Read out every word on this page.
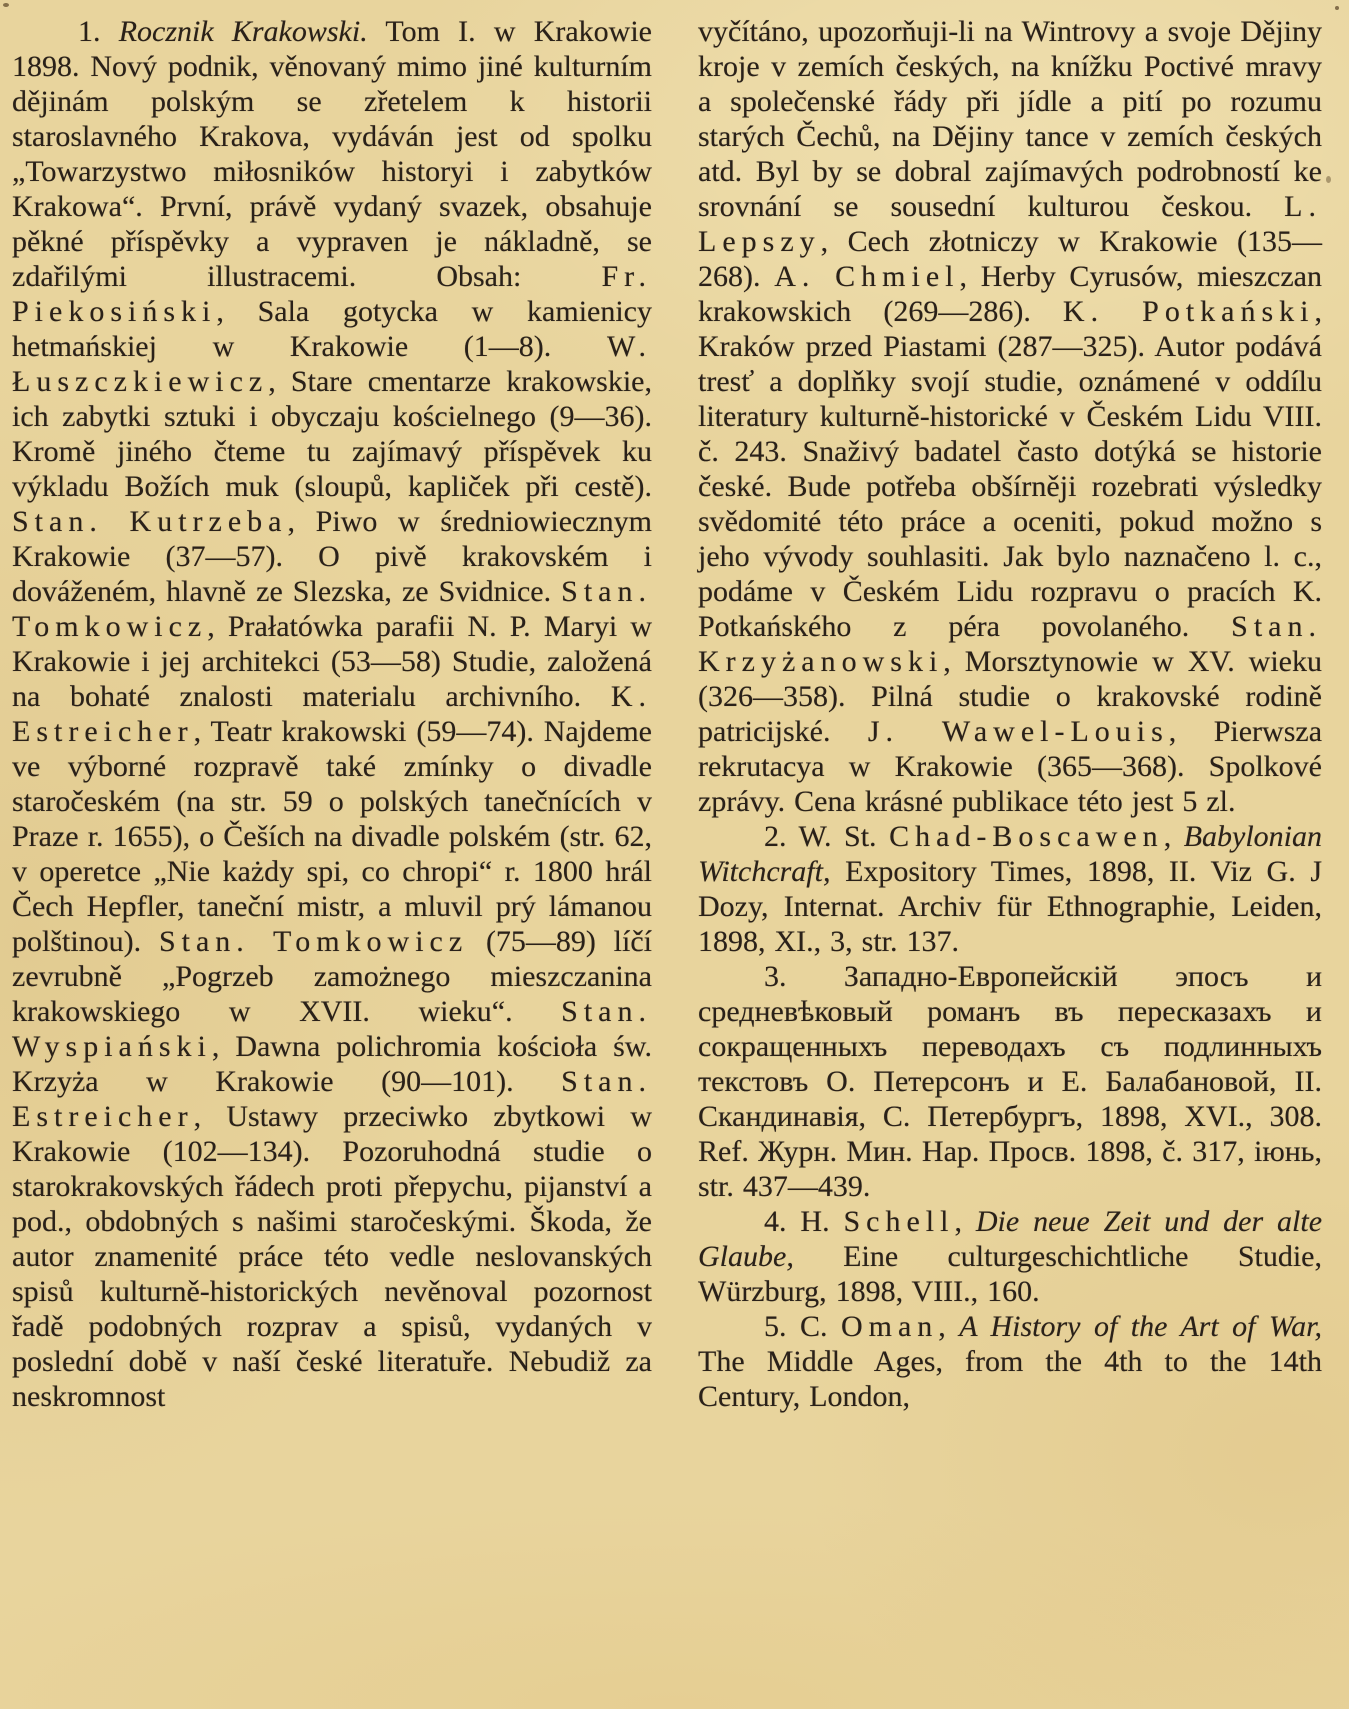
1. Rocznik Krakowski. Tom I. w Krakowie 1898. Nový podnik, věnovaný mimo jiné kulturním dějinám polským se zřetelem k historii staroslavného Krakova, vydáván jest od spolku „Towarzystwo miłosników historyi i zabytków Krakowa“. První, právě vydaný svazek, obsahuje pěkné příspěvky a vypraven je nákladně, se zdařilými illustracemi. Obsah: Fr. Piekosiński, Sala gotycka w kamienicy hetmańskiej w Krakowie (1—8). W. Łuszczkiewicz, Stare cmentarze krakowskie, ich zabytki sztuki i obyczaju kościelnego (9—36). Kromě jiného čteme tu zajímavý příspěvek ku výkladu Božích muk (sloupů, kapliček při cestě). Stan. Kutrzeba, Piwo w średniowiecznym Krakowie (37—57). O pivě krakovském i dováženém, hlavně ze Slezska, ze Svidnice. Stan. Tomkowicz, Prałatówka parafii N. P. Maryi w Krakowie i jej architekci (53—58) Studie, založená na bohaté znalosti materialu archivního. K. Estreicher, Teatr krakowski (59—74). Najdeme ve výborné rozpravě také zmínky o divadle staročeském (na str. 59 o polských tanečnících v Praze r. 1655), o Češích na divadle polském (str. 62, v operetce „Nie każdy spi, co chropi“ r. 1800 hrál Čech Hepfler, taneční mistr, a mluvil prý lámanou polštinou). Stan. Tomkowicz (75—89) líčí zevrubně „Pogrzeb zamożnego mieszczanina krakowskiego w XVII. wieku“. Stan. Wyspiański, Dawna polichromia kościoła św. Krzyża w Krakowie (90—101). Stan. Estreicher, Ustawy przeciwko zbytkowi w Krakowie (102—134). Pozoruhodná studie o starokrakovských řádech proti přepychu, pijanství a pod., obdobných s našimi staročeskými. Škoda, že autor znamenité práce této vedle neslovanských spisů kulturně-historických nevěnoval pozornost řadě podobných rozprav a spisů, vydaných v poslední době v naší české literatuře. Nebudiž za neskromnost

vyčítáno, upozorňuji-li na Wintrovy a svoje Dějiny kroje v zemích českých, na knížku Poctivé mravy a společenské řády při jídle a pití po rozumu starých Čechů, na Dějiny tance v zemích českých atd. Byl by se dobral zajímavých podrobností ke srovnání se sousední kulturou českou. L. Lepszy, Cech złotniczy w Krakowie (135—268). A. Chmiel, Herby Cyrusów, mieszczan krakowskich (269—286). K. Potkański, Kraków przed Piastami (287—325). Autor podává tresť a doplňky svojí studie, oznámené v oddílu literatury kulturně-historické v Českém Lidu VIII. č. 243. Snaživý badatel často dotýká se historie české. Bude potřeba obšírněji rozebrati výsledky svědomité této práce a oceniti, pokud možno s jeho vývody souhlasiti. Jak bylo naznačeno l. c., podáme v Českém Lidu rozpravu o pracích K. Potkańského z péra povolaného. Stan. Krzyżanowski, Morsztynowie w XV. wieku (326—358). Pilná studie o krakovské rodině patricijské. J. Wawel-Louis, Pierwsza rekrutacya w Krakowie (365—368). Spolkové zprávy. Cena krásné publikace této jest 5 zl.

2. W. St. Chad-Boscawen, Babylonian Witchcraft, Expository Times, 1898, II. Viz G. J Dozy, Internat. Archiv für Ethnographie, Leiden, 1898, XI., 3, str. 137.

3. Западно-Европейскій эпосъ и средневѣковый романъ въ пересказахъ и сокращенныхъ переводахъ съ подлинныхъ текстовъ О. Петерсонъ и Е. Балабановой, II. Скандинавія, С. Петербургъ, 1898, XVI., 308. Ref. Журн. Мин. Нар. Просв. 1898, č. 317, іюнь, str. 437—439.

4. H. Schell, Die neue Zeit und der alte Glaube, Eine culturgeschichtliche Studie, Würzburg, 1898, VIII., 160.

5. C. Oman, A History of the Art of War, The Middle Ages, from the 4th to the 14th Century, London,
